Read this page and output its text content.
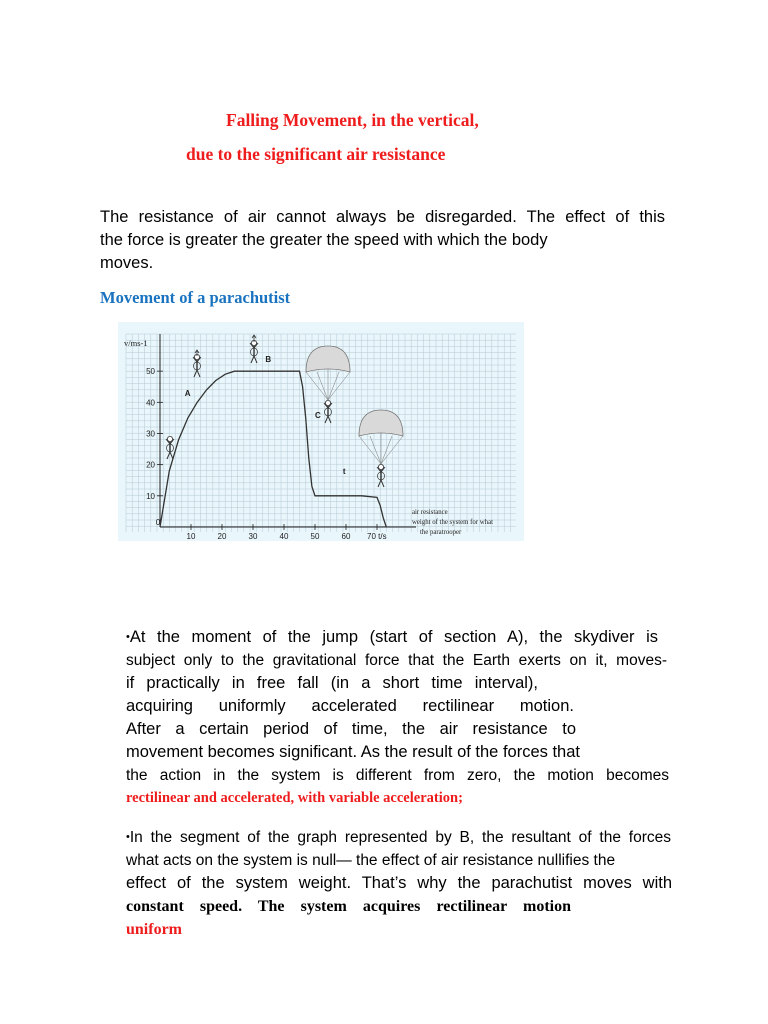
Falling Movement, in the vertical,
due to the significant air resistance
The resistance of air cannot always be disregarded. The effect of this
the force is greater the greater the speed with which the body
moves.
Movement of a parachutist
0
10	20	30	40	50	60 70 t/s
10
20
30
40
50
v/ms-1
A
B
C
t
air resistance
weight of the system for what
the paratrooper
•At the moment of the jump (start of section A), the skydiver is
subject only to the gravitational force that the Earth exerts on it, moves-
if practically in free fall (in a short time interval),
acquiring uniformly accelerated rectilinear motion.
After a certain period of time, the air resistance to
movement becomes significant. As the result of the forces that
the action in the system is different from zero, the motion becomes
rectilinear and accelerated, with variable acceleration;
•In the segment of the graph represented by B, the resultant of the forces
what acts on the system is null— the effect of air resistance nullifies the
effect of the system weight. That’s why the parachutist moves with
constant speed. The system acquires rectilinear motion
uniform
